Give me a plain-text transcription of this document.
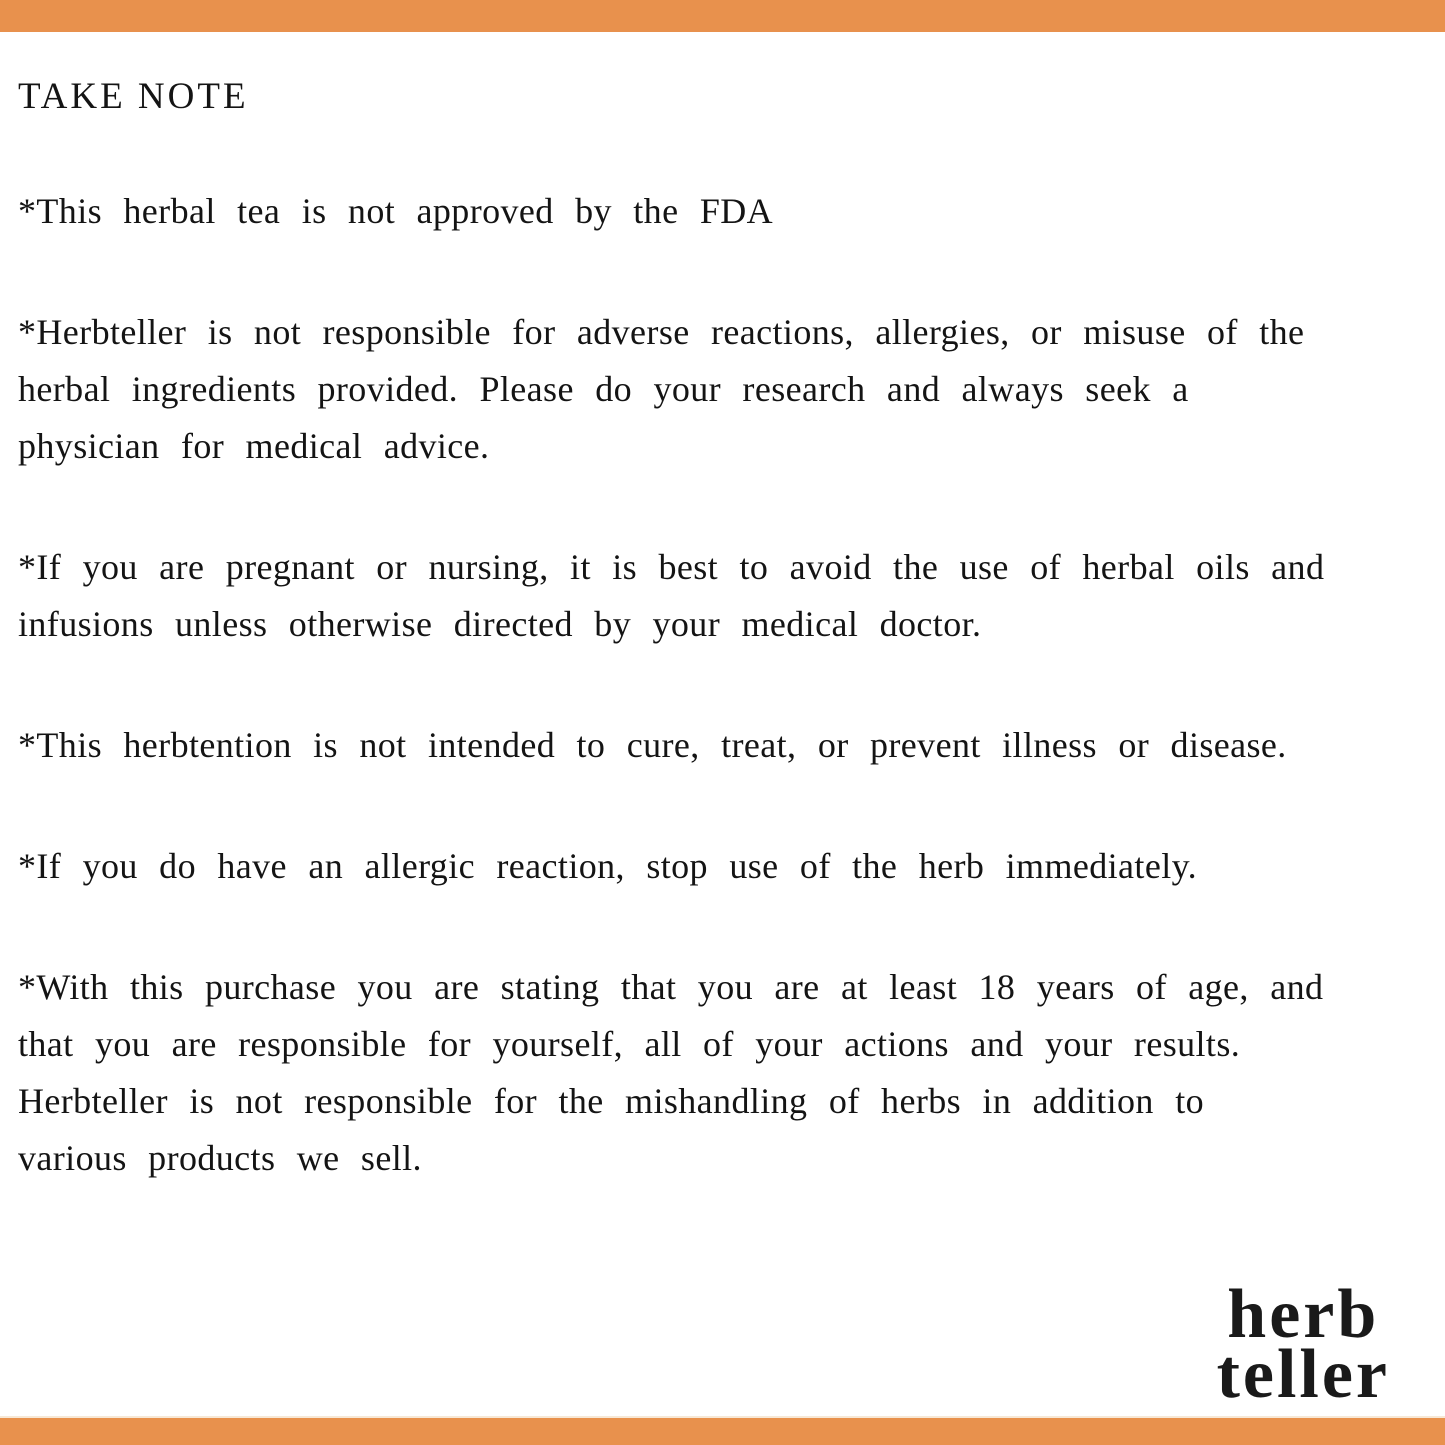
TAKE NOTE
*This herbal tea is not approved by the FDA
*Herbteller is not responsible for adverse reactions, allergies, or misuse of the
herbal ingredients provided. Please do your research and always seek a
physician for medical advice.
*If you are pregnant or nursing, it is best to avoid the use of herbal oils and
infusions unless otherwise directed by your medical doctor.
*This herbtention is not intended to cure, treat, or prevent illness or disease.
*If you do have an allergic reaction, stop use of the herb immediately.
*With this purchase you are stating that you are at least 18 years of age, and
that you are responsible for yourself, all of your actions and your results.
Herbteller is not responsible for the mishandling of herbs in addition to
various products we sell.
herb
teller
